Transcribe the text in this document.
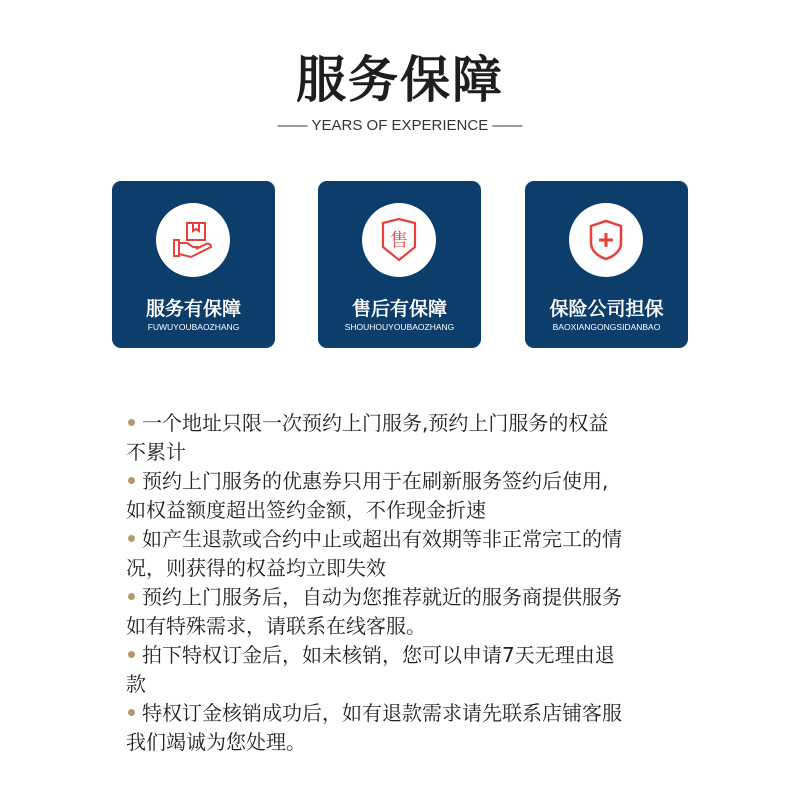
服务保障
—— YEARS OF EXPERIENCE ——
服务有保障
FUWUYOUBAOZHANG
售
售后有保障
SHOUHOUYOUBAOZHANG
保险公司担保
BAOXIANGONGSIDANBAO

一个地址只限一次预约上门服务,预约上门服务的权益
不累计

预约上门服务的优惠券只用于在刷新服务签约后使用,
如权益额度超出签约金额，不作现金折速

如产生退款或合约中止或超出有效期等非正常完工的情
况，则获得的权益均立即失效

预约上门服务后，自动为您推荐就近的服务商提供服务
如有特殊需求，请联系在线客服。

拍下特权订金后，如未核销，您可以申请7天无理由退
款

特权订金核销成功后，如有退款需求请先联系店铺客服
我们竭诚为您处理。
